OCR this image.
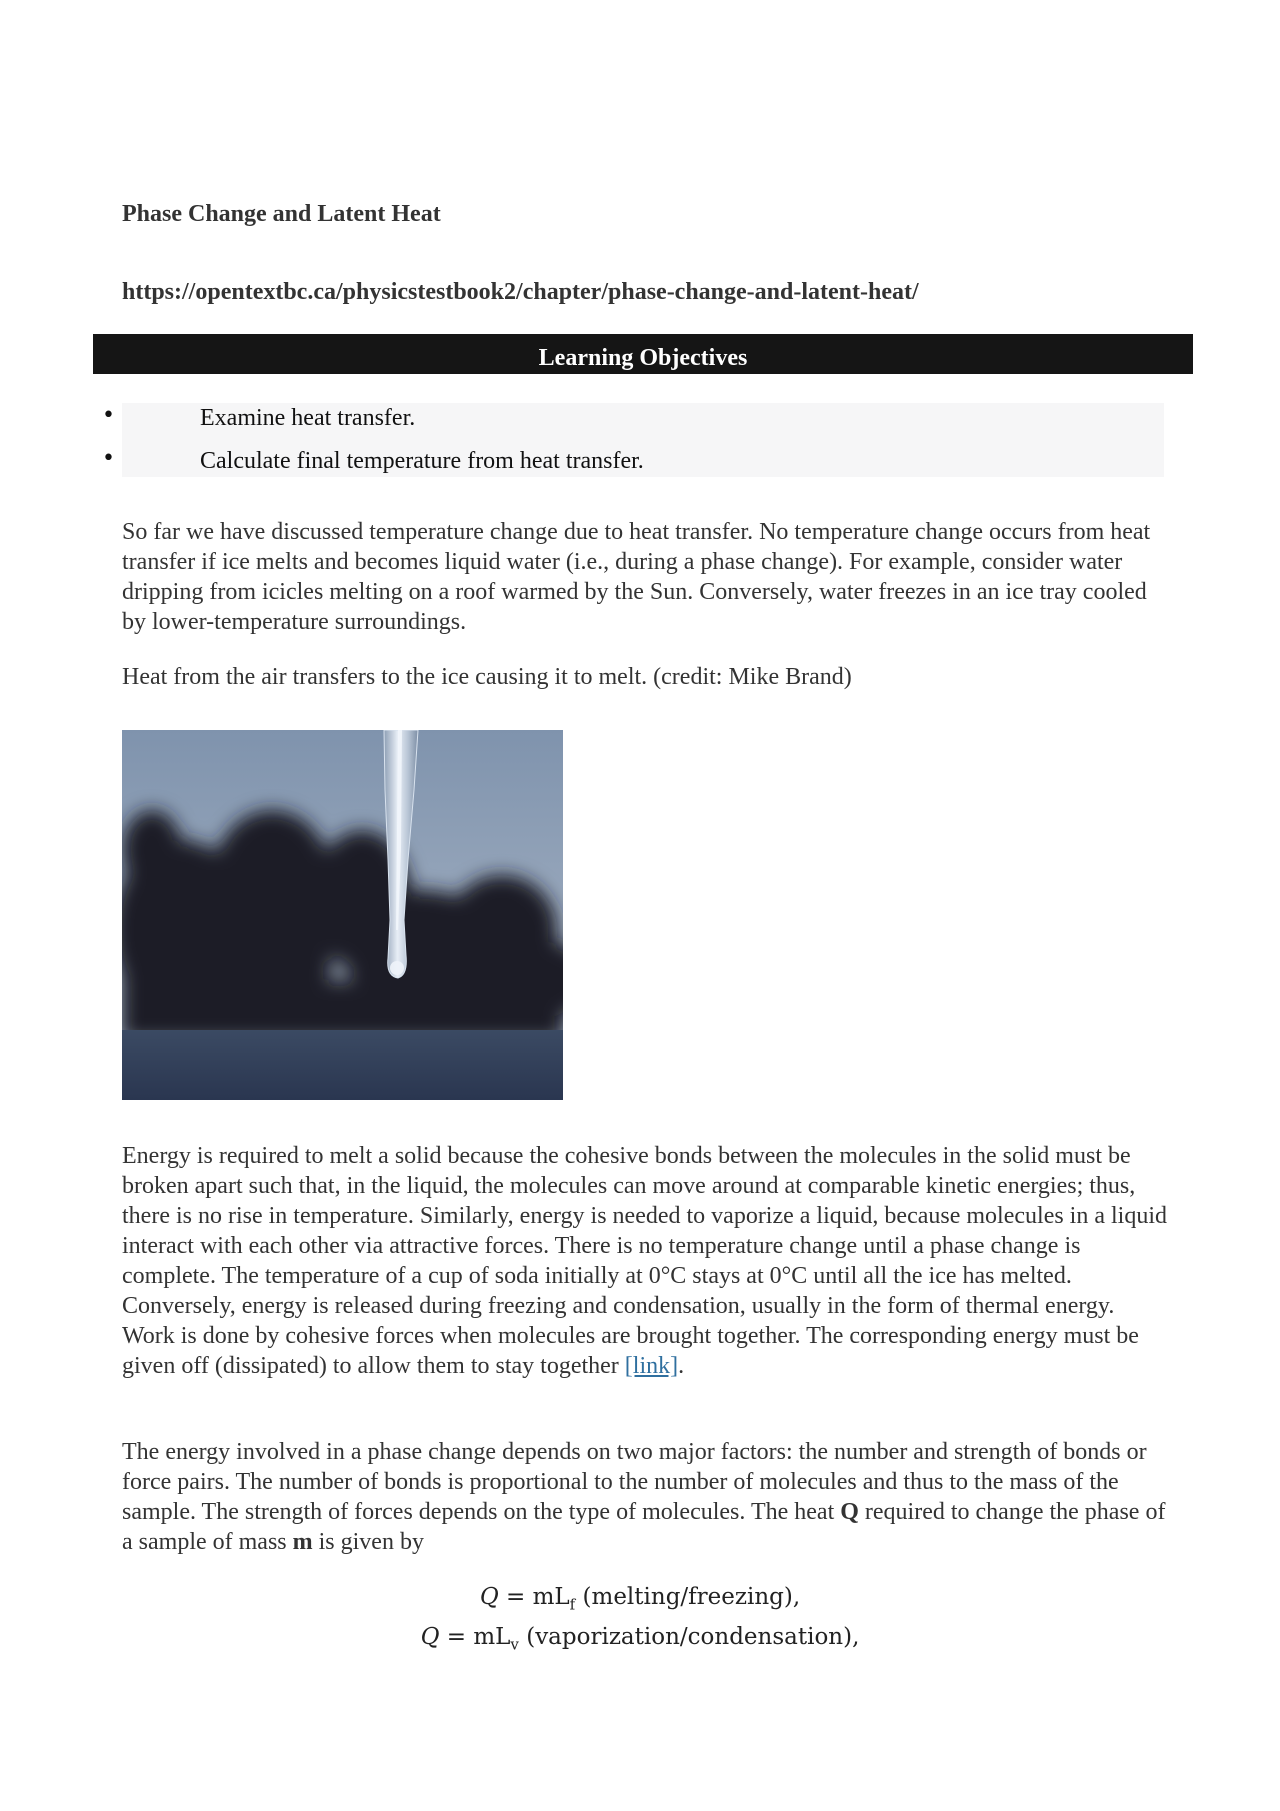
Phase Change and Latent Heat
https://opentextbc.ca/physicstestbook2/chapter/phase-change-and-latent-heat/
Learning Objectives
•	Examine heat transfer.
•	Calculate final temperature from heat transfer.
So far we have discussed temperature change due to heat transfer. No temperature change occurs from heat transfer if ice melts and becomes liquid water (i.e., during a phase change). For example, consider water dripping from icicles melting on a roof warmed by the Sun. Conversely, water freezes in an ice tray cooled by lower-temperature surroundings.
Heat from the air transfers to the ice causing it to melt. (credit: Mike Brand)
Energy is required to melt a solid because the cohesive bonds between the molecules in the solid must be broken apart such that, in the liquid, the molecules can move around at comparable kinetic energies; thus, there is no rise in temperature. Similarly, energy is needed to vaporize a liquid, because molecules in a liquid interact with each other via attractive forces. There is no temperature change until a phase change is complete. The temperature of a cup of soda initially at 0°C stays at 0°C until all the ice has melted. Conversely, energy is released during freezing and condensation, usually in the form of thermal energy. Work is done by cohesive forces when molecules are brought together. The corresponding energy must be given off (dissipated) to allow them to stay together [link].
The energy involved in a phase change depends on two major factors: the number and strength of bonds or force pairs. The number of bonds is proportional to the number of molecules and thus to the mass of the sample. The strength of forces depends on the type of molecules. The heat Q required to change the phase of a sample of mass m is given by
$Q = mL_f$ (melting/freezing),
$Q = mL_v$ (vaporization/condensation),
